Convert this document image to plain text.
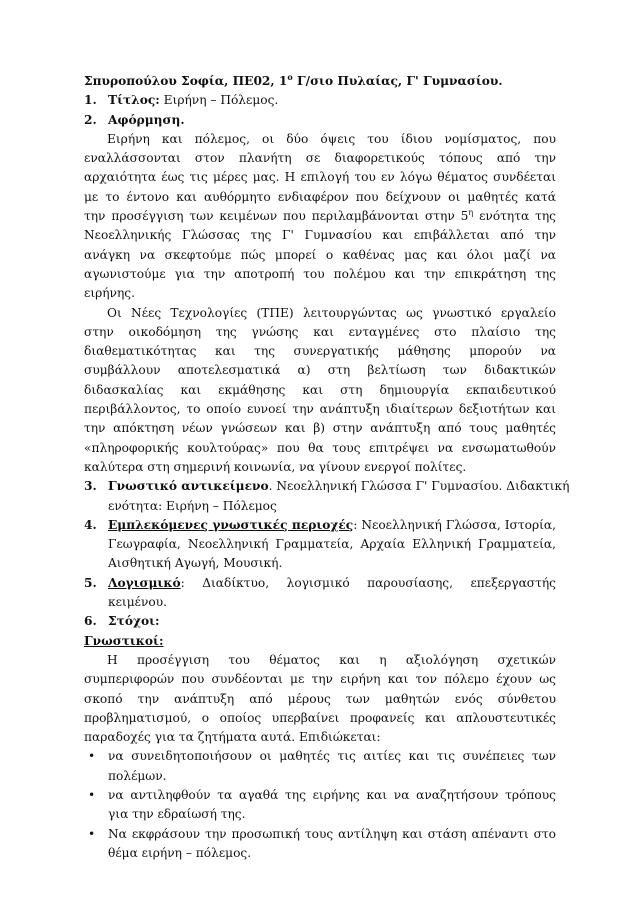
Σπυροπούλου Σοφία, ΠΕ02, $1^o$ Γ/σιο Πυλαίας, Γ' Γυμνασίου.
1. Τίτλος: Ειρήνη – Πόλεμος.
2. Αφόρμηση.
Ειρήνη και πόλεμος, οι δύο όψεις του ίδιου νομίσματος, που
εναλλάσσονται στον πλανήτη σε διαφορετικούς τόπους από την
αρχαιότητα έως τις μέρες μας. Η επιλογή του εν λόγω θέματος συνδέεται
με το έντονο και αυθόρμητο ενδιαφέρον που δείχνουν οι μαθητές κατά
την προσέγγιση των κειμένων που περιλαμβάνονται στην $5^\eta$ ενότητα της
Νεοελληνικής Γλώσσας της Γ' Γυμνασίου και επιβάλλεται από την
ανάγκη να σκεφτούμε πώς μπορεί ο καθένας μας και όλοι μαζί να
αγωνιστούμε για την αποτροπή του πολέμου και την επικράτηση της
ειρήνης.
Οι Νέες Τεχνολογίες (ΤΠΕ) λειτουργώντας ως γνωστικό εργαλείο
στην οικοδόμηση της γνώσης και ενταγμένες στο πλαίσιο της
διαθεματικότητας και της συνεργατικής μάθησης μπορούν να
συμβάλλουν αποτελεσματικά α) στη βελτίωση των διδακτικών
διδασκαλίας και εκμάθησης και στη δημιουργία εκπαιδευτικού
περιβάλλοντος, το οποίο ευνοεί την ανάπτυξη ιδιαίτερων δεξιοτήτων και
την απόκτηση νέων γνώσεων και β) στην ανάπτυξη από τους μαθητές
«πληροφορικής κουλτούρας» που θα τους επιτρέψει να ενσωματωθούν
καλύτερα στη σημερινή κοινωνία, να γίνουν ενεργοί πολίτες.
3. Γνωστικό αντικείμενο. Νεοελληνική Γλώσσα Γ' Γυμνασίου. Διδακτική
ενότητα: Ειρήνη – Πόλεμος
4. Εμπλεκόμενες γνωστικές περιοχές: Νεοελληνική Γλώσσα, Ιστορία,
Γεωγραφία, Νεοελληνική Γραμματεία, Αρχαία Ελληνική Γραμματεία,
Αισθητική Αγωγή, Μουσική.
5. Λογισμικό: Διαδίκτυο, λογισμικό παρουσίασης, επεξεργαστής
κειμένου.
6. Στόχοι:
Γνωστικοί:
Η προσέγγιση του θέματος και η αξιολόγηση σχετικών
συμπεριφορών που συνδέονται με την ειρήνη και τον πόλεμο έχουν ως
σκοπό την ανάπτυξη από μέρους των μαθητών ενός σύνθετου
προβληματισμού, ο οποίος υπερβαίνει προφανείς και απλουστευτικές
παραδοχές για τα ζητήματα αυτά. Επιδιώκεται:
•	να συνειδητοποιήσουν οι μαθητές τις αιτίες και τις συνέπειες των
πολέμων.
•	να αντιληφθούν τα αγαθά της ειρήνης και να αναζητήσουν τρόπους
για την εδραίωσή της.
•	Να εκφράσουν την προσωπική τους αντίληψη και στάση απέναντι στο
θέμα ειρήνη – πόλεμος.
